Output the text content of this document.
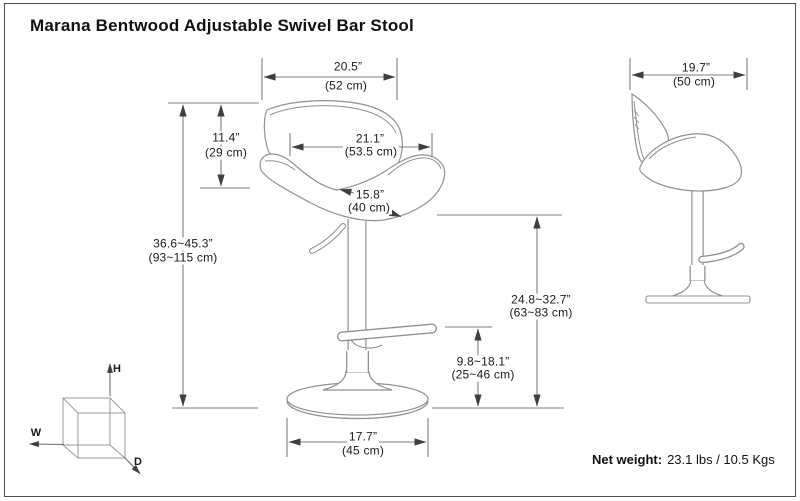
Marana Bentwood Adjustable Swivel Bar Stool
20.5”
(52 cm)
11.4”
(29 cm)
21.1”
(53.5 cm)
15.8”
(40 cm)
36.6~45.3”
(93~115 cm)
24.8~32.7”
(63~83 cm)
9.8~18.1”
(25~46 cm)
17.7”
(45 cm)
19.7”
(50 cm)
H
W
D	Net weight: 23.1 lbs / 10.5 Kgs
